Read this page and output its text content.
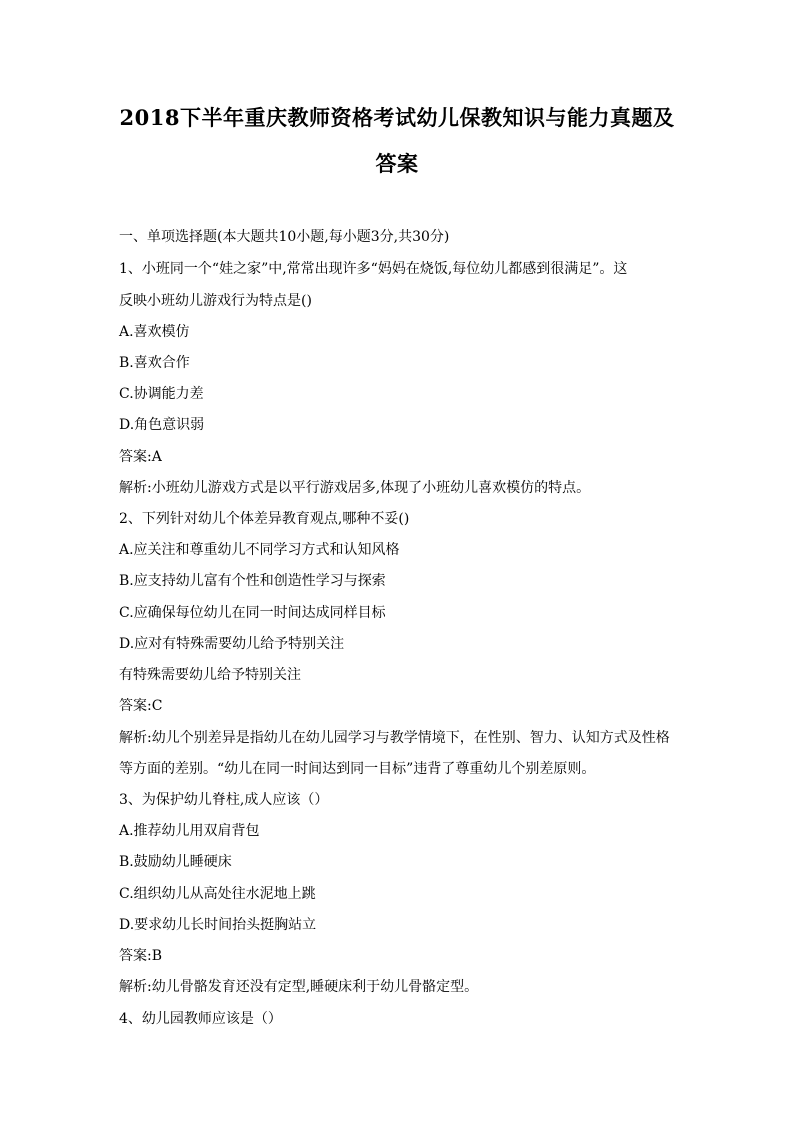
2018下半年重庆教师资格考试幼儿保教知识与能力真题及
答案
一、单项选择题(本大题共10小题,每小题3分,共30分)
1、小班同一个“娃之家”中,常常出现许多“妈妈在烧饭,每位幼儿都感到很满足”。这
反映小班幼儿游戏行为特点是()
A.喜欢模仿
B.喜欢合作
C.协调能力差
D.角色意识弱
答案:A
解析:小班幼儿游戏方式是以平行游戏居多,体现了小班幼儿喜欢模仿的特点。
2、下列针对幼儿个体差异教育观点,哪种不妥()
A.应关注和尊重幼儿不同学习方式和认知风格
B.应支持幼儿富有个性和创造性学习与探索
C.应确保每位幼儿在同一时间达成同样目标
D.应对有特殊需要幼儿给予特别关注
有特殊需要幼儿给予特别关注
答案:C
解析:幼儿个别差异是指幼儿在幼儿园学习与教学情境下，在性别、智力、认知方式及性格
等方面的差别。“幼儿在同一时间达到同一目标”违背了尊重幼儿个别差原则。
3、为保护幼儿脊柱,成人应该（）
A.推荐幼儿用双肩背包
B.鼓励幼儿睡硬床
C.组织幼儿从高处往水泥地上跳
D.要求幼儿长时间抬头挺胸站立
答案:B
解析:幼儿骨骼发育还没有定型,睡硬床利于幼儿骨骼定型。
4、幼儿园教师应该是（）
